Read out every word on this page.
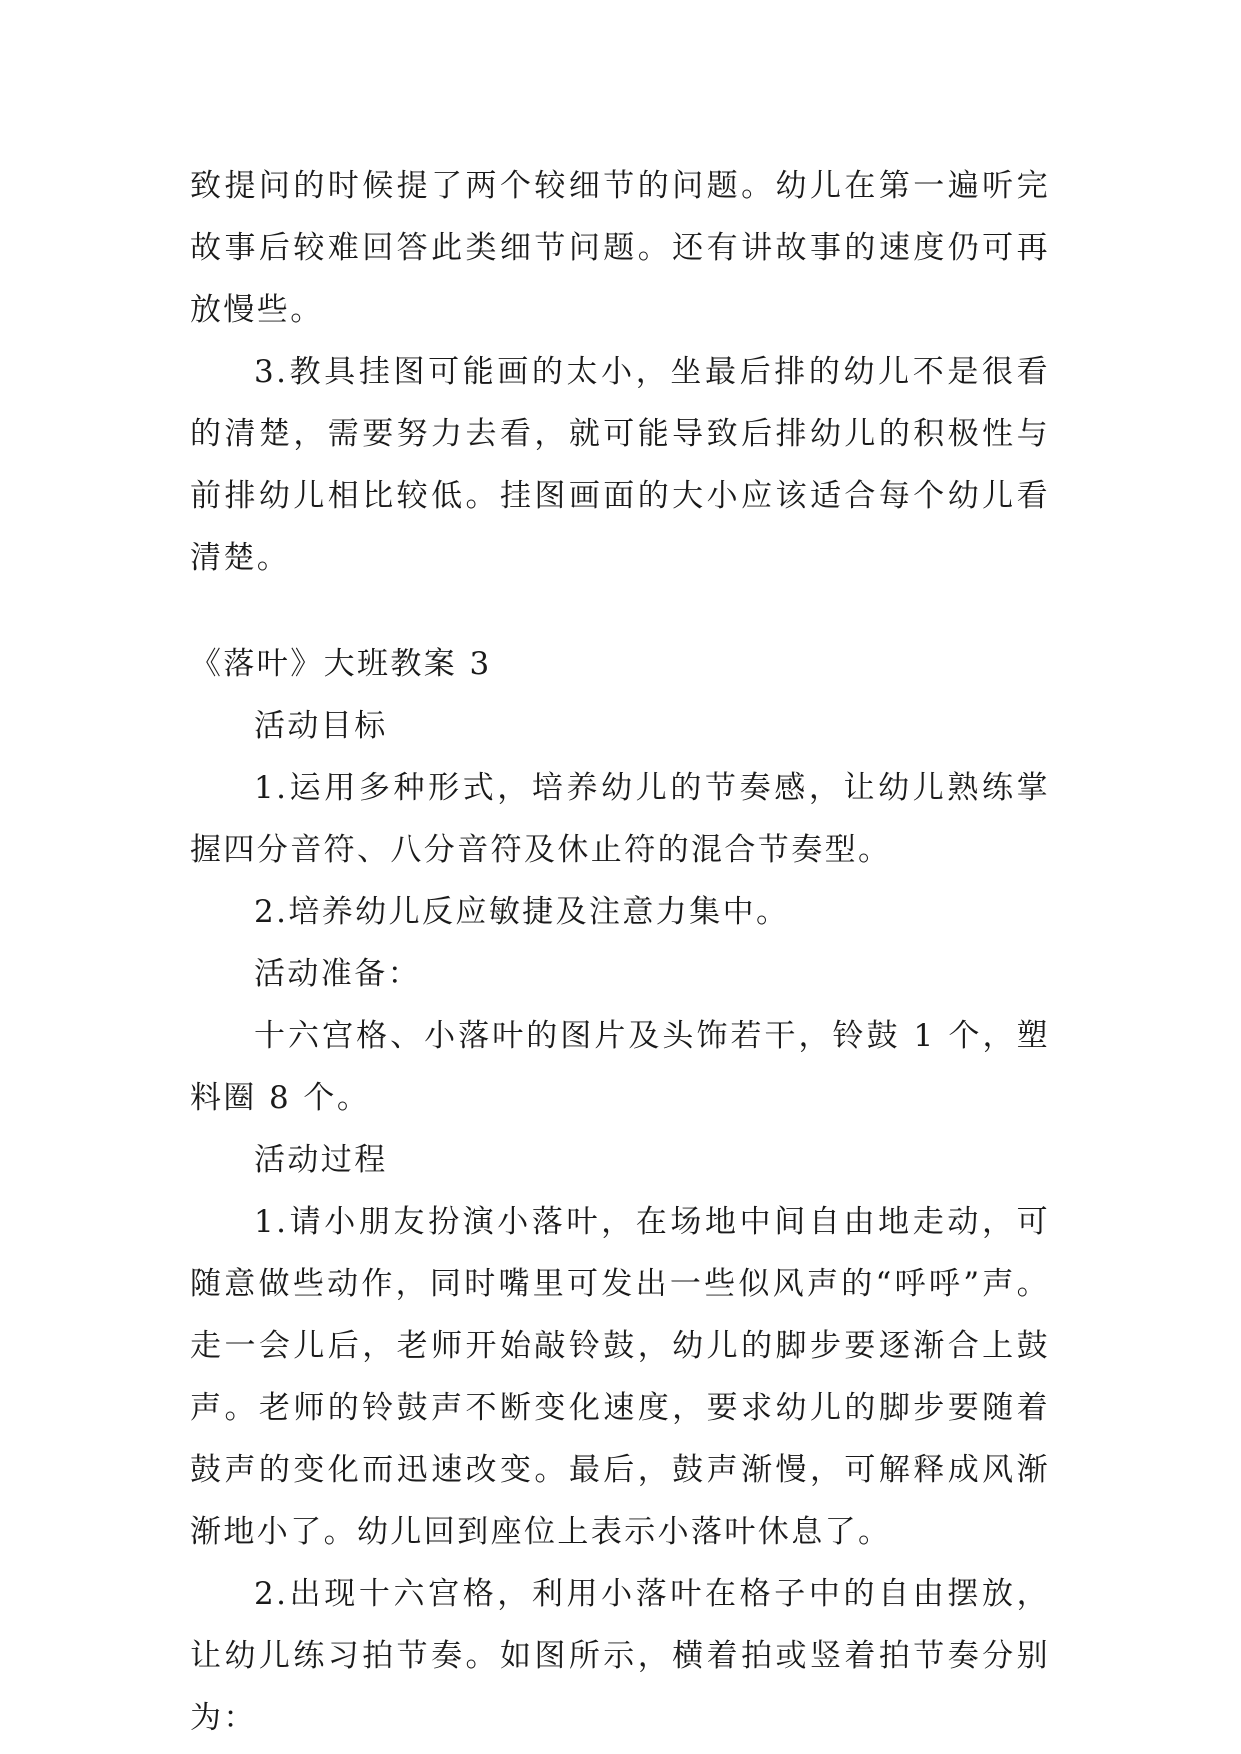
致提问的时候提了两个较细节的问题。幼儿在第一遍听完故事后较难回答此类细节问题。还有讲故事的速度仍可再放慢些。

3.教具挂图可能画的太小，坐最后排的幼儿不是很看的清楚，需要努力去看，就可能导致后排幼儿的积极性与前排幼儿相比较低。挂图画面的大小应该适合每个幼儿看清楚。

《落叶》大班教案 3

活动目标

1.运用多种形式，培养幼儿的节奏感，让幼儿熟练掌握四分音符、八分音符及休止符的混合节奏型。

2.培养幼儿反应敏捷及注意力集中。

活动准备：

十六宫格、小落叶的图片及头饰若干，铃鼓 1 个，塑料圈 8 个。

活动过程

1.请小朋友扮演小落叶，在场地中间自由地走动，可随意做些动作，同时嘴里可发出一些似风声的“呼呼”声。走一会儿后，老师开始敲铃鼓，幼儿的脚步要逐渐合上鼓声。老师的铃鼓声不断变化速度，要求幼儿的脚步要随着鼓声的变化而迅速改变。最后，鼓声渐慢，可解释成风渐渐地小了。幼儿回到座位上表示小落叶休息了。

2.出现十六宫格，利用小落叶在格子中的自由摆放，让幼儿练习拍节奏。如图所示，横着拍或竖着拍节奏分别为：
